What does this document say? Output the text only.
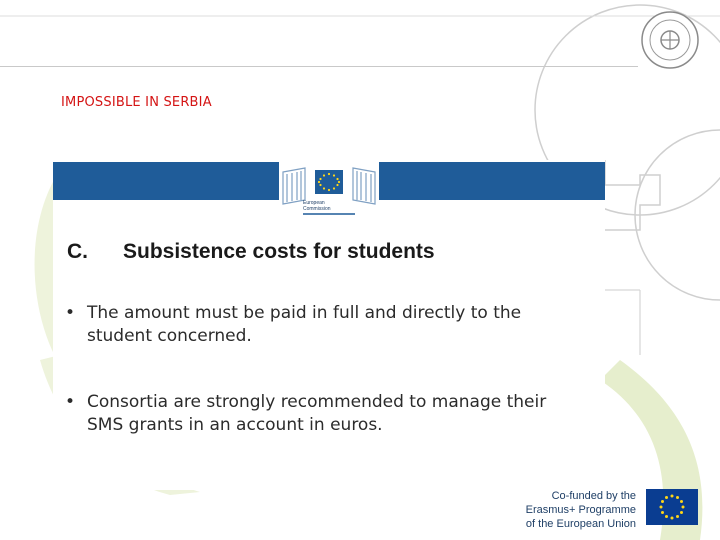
IMPOSSIBLE IN SERBIA
European
Commission
C. Subsistence costs for students
• The amount must be paid in full and directly to the student concerned.
• Consortia are strongly recommended to manage their SMS grants in an account in euros.
Co-funded by the
Erasmus+ Programme
of the European Union
